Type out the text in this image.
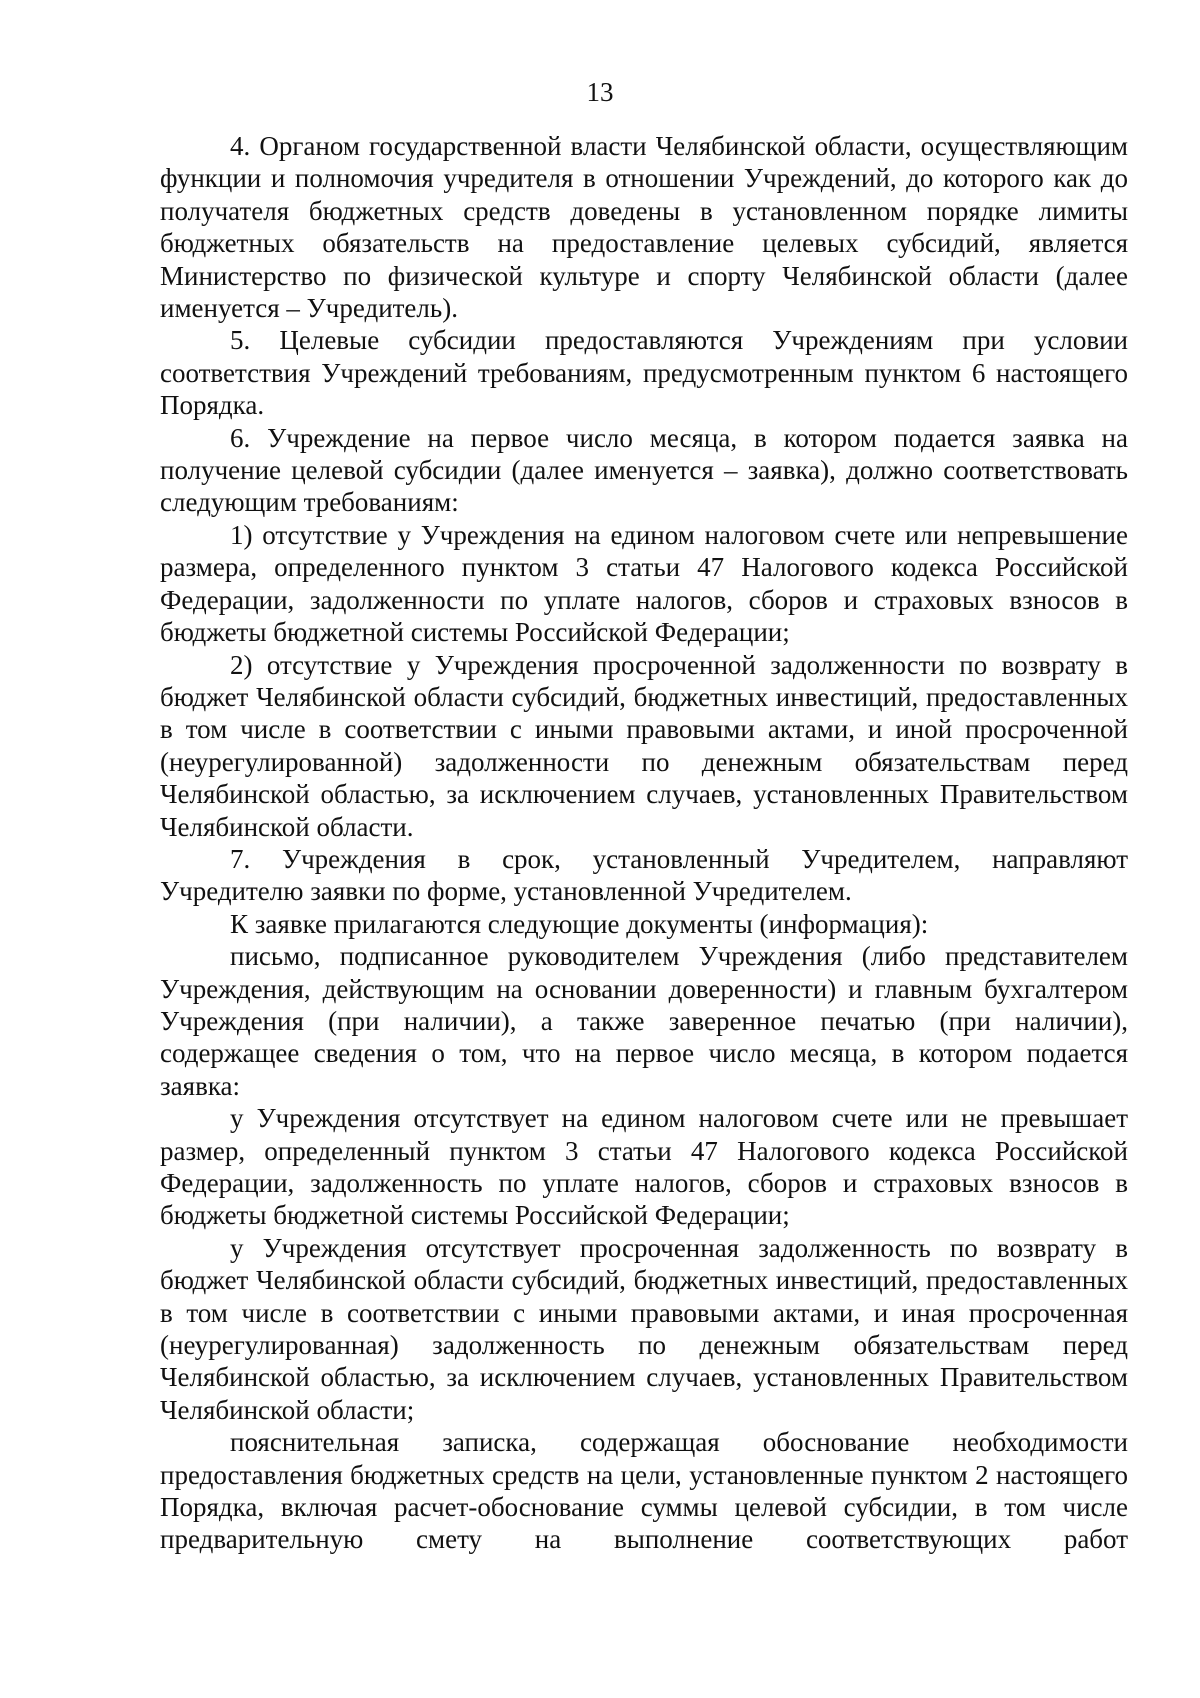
13

4. Органом государственной власти Челябинской области, осуществляющим функции и полномочия учредителя в отношении Учреждений, до которого как до получателя бюджетных средств доведены в установленном порядке лимиты бюджетных обязательств на предоставление целевых субсидий, является Министерство по физической культуре и спорту Челябинской области (далее именуется – Учредитель).

5. Целевые субсидии предоставляются Учреждениям при условии соответствия Учреждений требованиям, предусмотренным пунктом 6 настоящего Порядка.

6. Учреждение на первое число месяца, в котором подается заявка на получение целевой субсидии (далее именуется – заявка), должно соответствовать следующим требованиям:

1) отсутствие у Учреждения на едином налоговом счете или непревышение размера, определенного пунктом 3 статьи 47 Налогового кодекса Российской Федерации, задолженности по уплате налогов, сборов и страховых взносов в бюджеты бюджетной системы Российской Федерации;

2) отсутствие у Учреждения просроченной задолженности по возврату в бюджет Челябинской области субсидий, бюджетных инвестиций, предоставленных в том числе в соответствии с иными правовыми актами, и иной просроченной (неурегулированной) задолженности по денежным обязательствам перед Челябинской областью, за исключением случаев, установленных Правительством Челябинской области.

7. Учреждения в срок, установленный Учредителем, направляют Учредителю заявки по форме, установленной Учредителем.

К заявке прилагаются следующие документы (информация):

письмо, подписанное руководителем Учреждения (либо представителем Учреждения, действующим на основании доверенности) и главным бухгалтером Учреждения (при наличии), а также заверенное печатью (при наличии), содержащее сведения о том, что на первое число месяца, в котором подается заявка:

у Учреждения отсутствует на едином налоговом счете или не превышает размер, определенный пунктом 3 статьи 47 Налогового кодекса Российской Федерации, задолженность по уплате налогов, сборов и страховых взносов в бюджеты бюджетной системы Российской Федерации;

у Учреждения отсутствует просроченная задолженность по возврату в бюджет Челябинской области субсидий, бюджетных инвестиций, предоставленных в том числе в соответствии с иными правовыми актами, и иная просроченная (неурегулированная) задолженность по денежным обязательствам перед Челябинской областью, за исключением случаев, установленных Правительством Челябинской области;

пояснительная записка, содержащая обоснование необходимости предоставления бюджетных средств на цели, установленные пунктом 2 настоящего Порядка, включая расчет-обоснование суммы целевой субсидии, в том числе предварительную смету на выполнение соответствующих работ
